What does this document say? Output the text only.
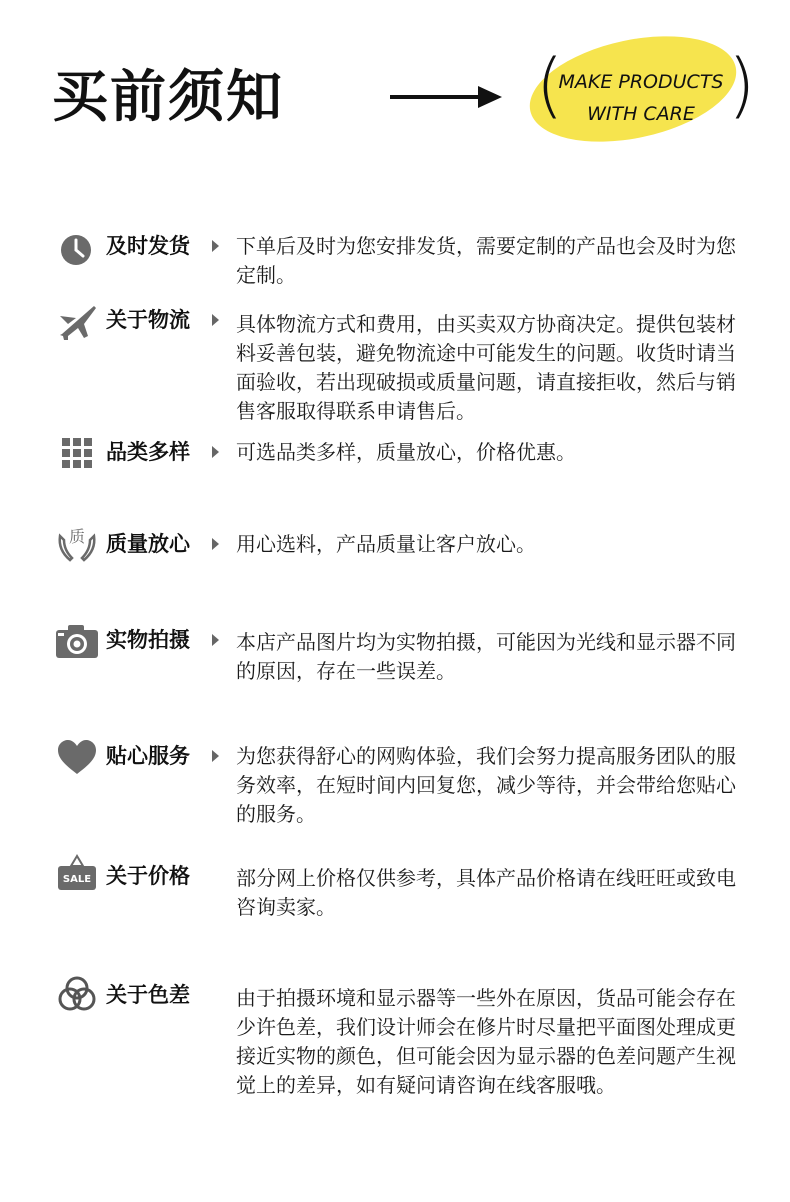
买前须知	( )
MAKE PRODUCTS
WITH CARE
及时发货 下单后及时为您安排发货，需要定制的产品也会及时为您定制。
关于物流 具体物流方式和费用，由买卖双方协商决定。提供包装材料妥善包装，避免物流途中可能发生的问题。收货时请当面验收，若出现破损或质量问题，请直接拒收，然后与销售客服取得联系申请售后。
品类多样 可选品类多样，质量放心，价格优惠。
质 质量放心 用心选料，产品质量让客户放心。
实物拍摄 本店产品图片均为实物拍摄，可能因为光线和显示器不同的原因，存在一些误差。
贴心服务 为您获得舒心的网购体验，我们会努力提高服务团队的服务效率，在短时间内回复您，减少等待，并会带给您贴心的服务。
SALE 关于价格 部分网上价格仅供参考，具体产品价格请在线旺旺或致电咨询卖家。
关于色差 由于拍摄环境和显示器等一些外在原因，货品可能会存在少许色差，我们设计师会在修片时尽量把平面图处理成更接近实物的颜色，但可能会因为显示器的色差问题产生视觉上的差异，如有疑问请咨询在线客服哦。
